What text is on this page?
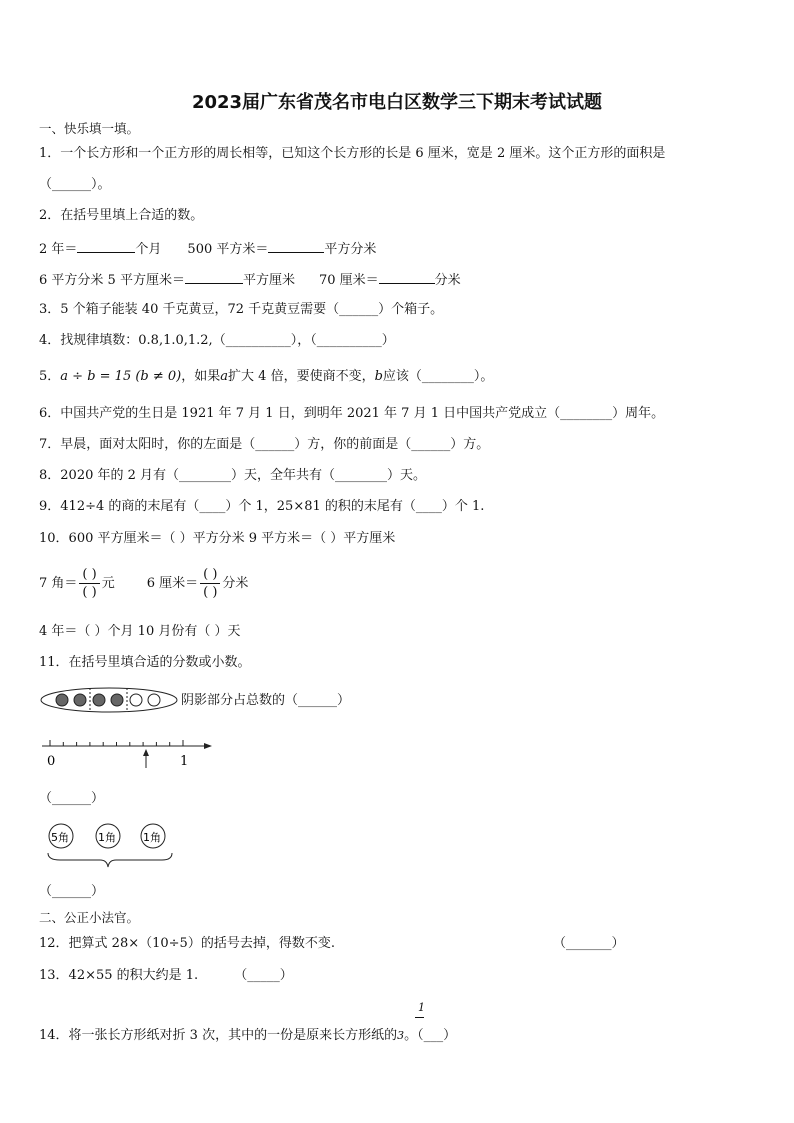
2023届广东省茂名市电白区数学三下期末考试试题
一、快乐填一填。
1．一个长方形和一个正方形的周长相等，已知这个长方形的长是 6 厘米，宽是 2 厘米。这个正方形的面积是
（______）。
2．在括号里填上合适的数。
2 年＝	个月 500 平方米＝	平方分米
6 平方分米 5 平方厘米＝	平方厘米 70 厘米＝	分米
3．5 个箱子能装 40 千克黄豆，72 千克黄豆需要（______）个箱子。
4．找规律填数：0.8,1.0,1.2,（__________），（__________）
5．a ÷ b = 15 (b ≠ 0)，如果a扩大 4 倍，要使商不变，b应该（________）。
6．中国共产党的生日是 1921 年 7 月 1 日，到明年 2021 年 7 月 1 日中国共产党成立（________）周年。
7．早晨，面对太阳时，你的左面是（______）方，你的前面是（______）方。
8．2020 年的 2 月有（________）天，全年共有（________）天。
9．412÷4 的商的末尾有（____）个 1，25×81 的积的末尾有（____）个 1.
10．600 平方厘米＝（ ）平方分米 9 平方米＝（ ）平方厘米
7 角＝ $\frac{( )}{( )}$ 元 6 厘米＝ $\frac{( )}{( )}$ 分米
4 年＝（ ）个月 10 月份有（ ）天
11．在括号里填合适的分数或小数。
阴影部分占总数的（______）
0	1
（______）
5角	1角 1角
（______）
二、公正小法官。
12．把算式 28×（10÷5）的括号去掉，得数不变.	（_______）
13．42×55 的积大约是 1.	（_____）
1
14．将一张长方形纸对折 3 次，其中的一份是原来长方形纸的3。（___）
